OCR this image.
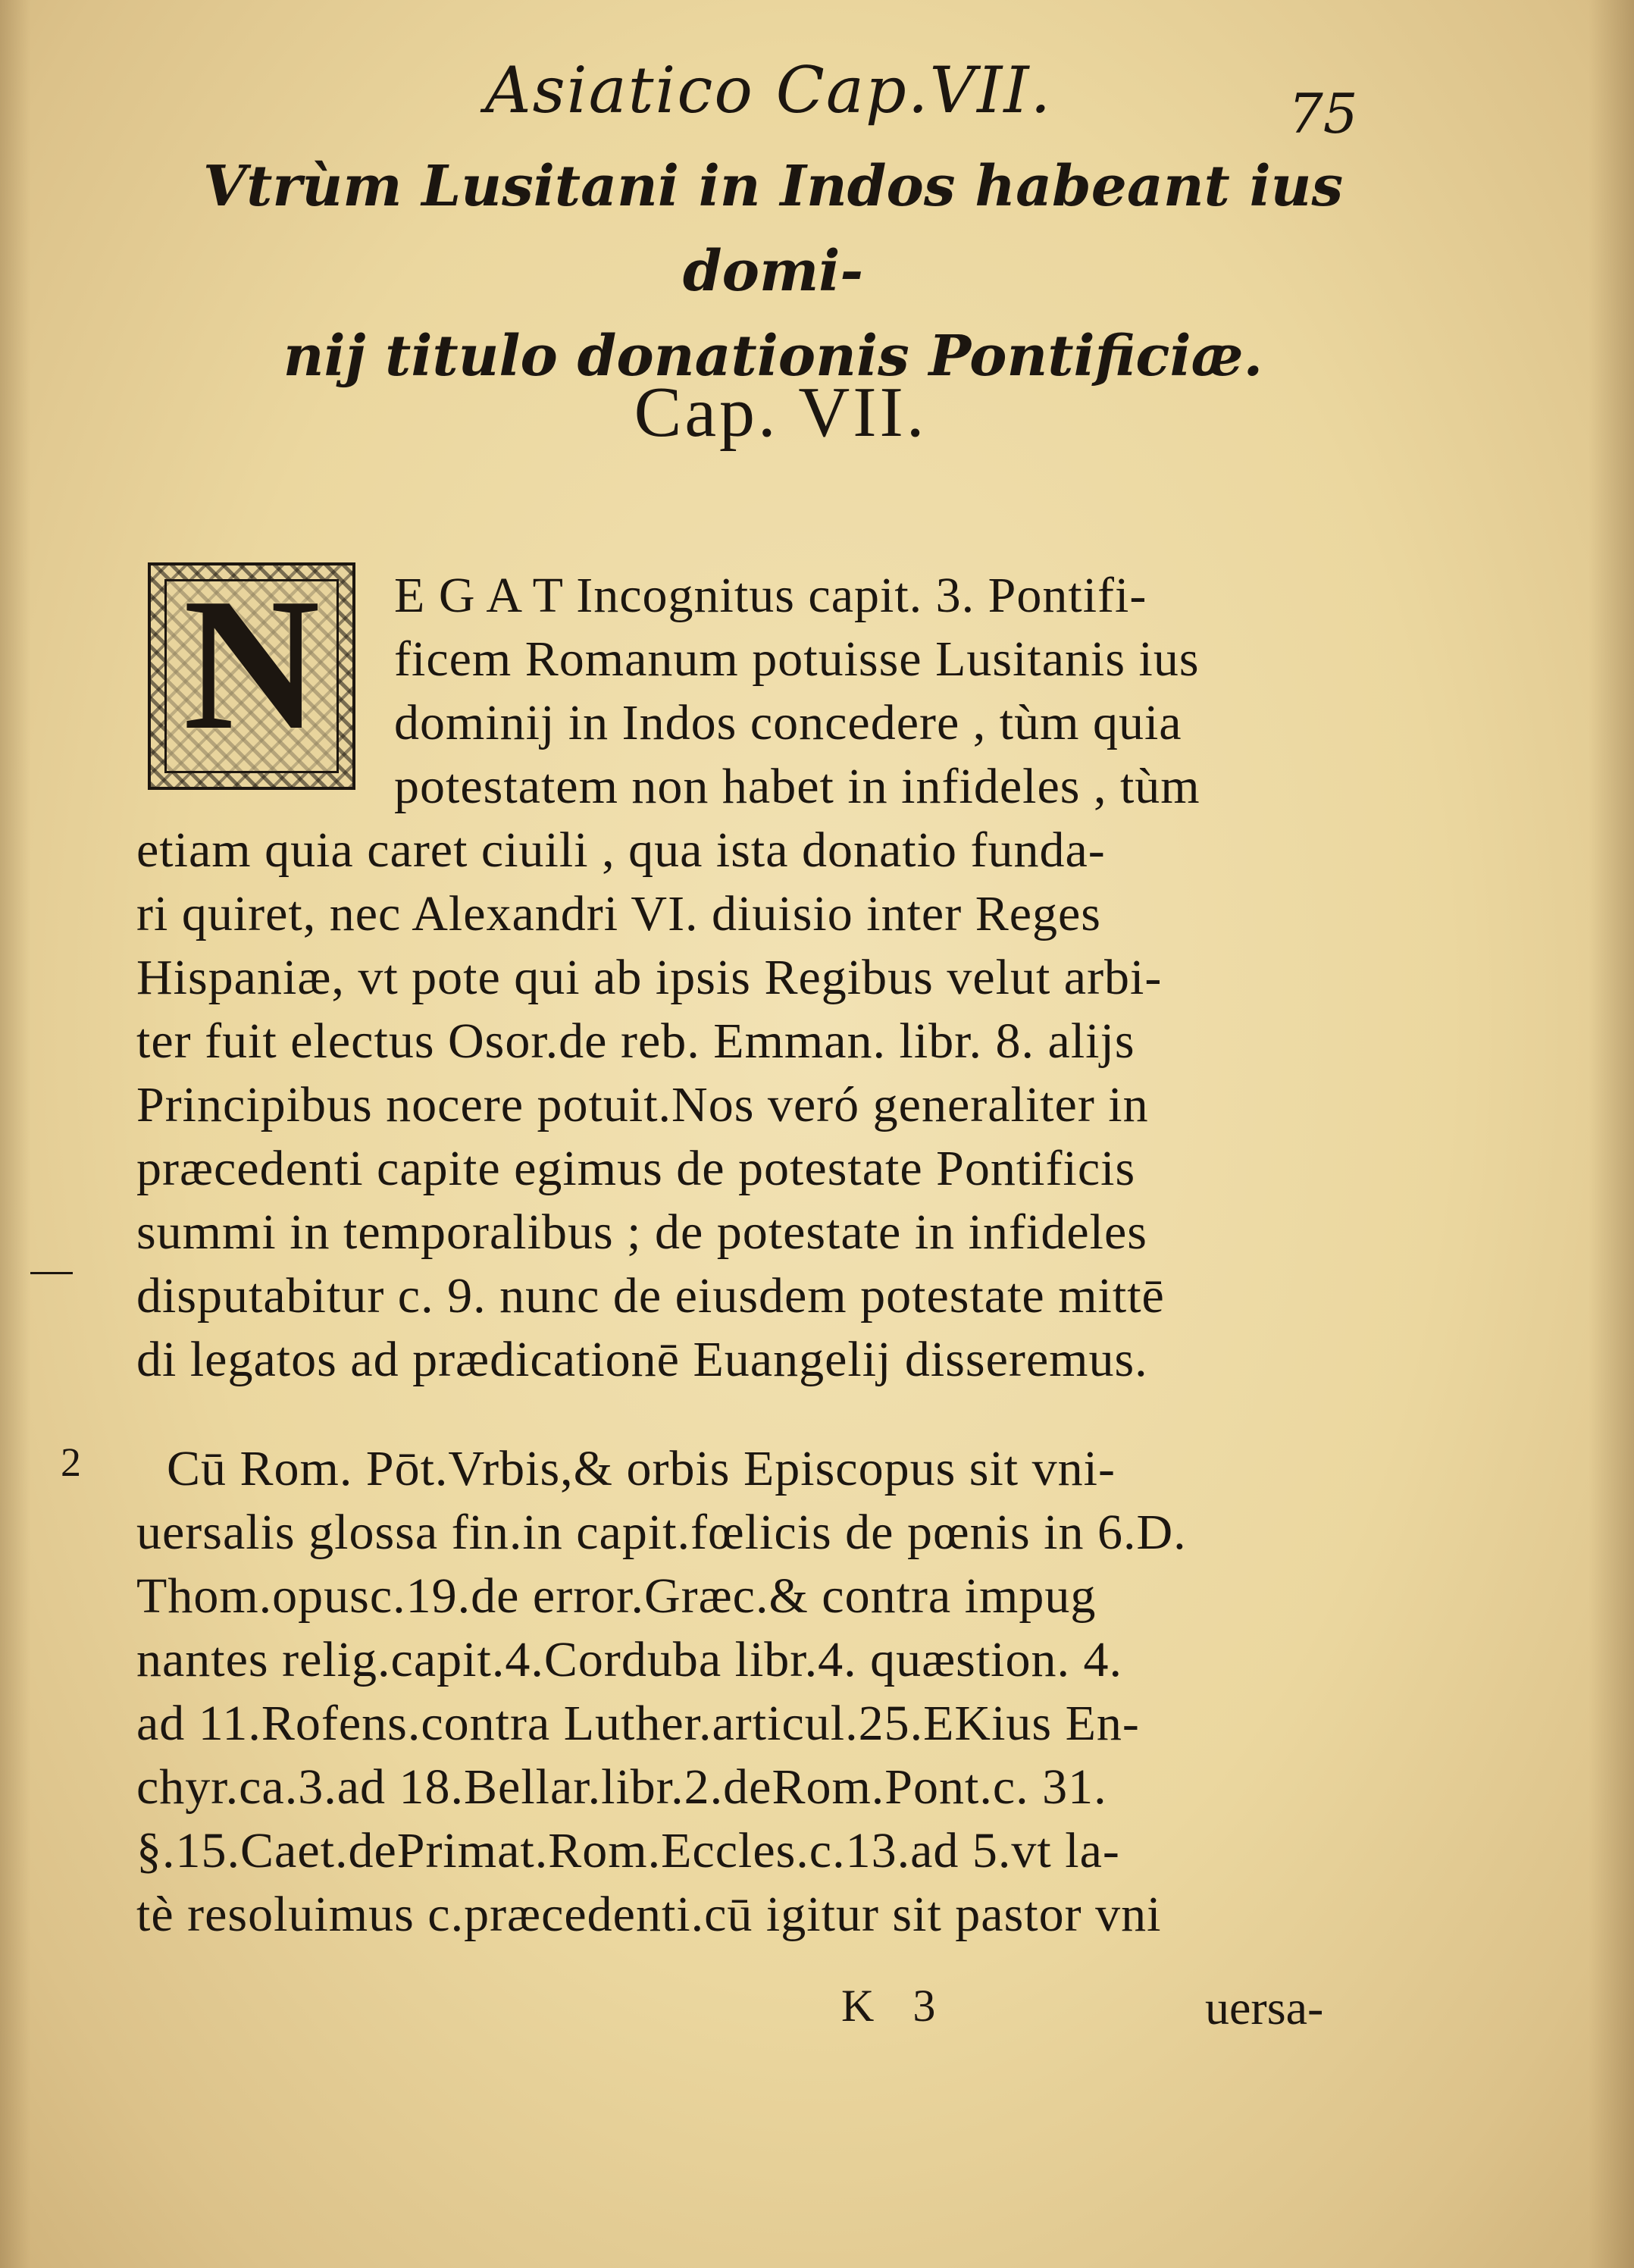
Asiatico Cap.VII.	75
Vtrùm Lusitani in Indos habeant ius domi-
nij titulo donationis Pontificiæ.
Cap. VII.
N	E G A T Incognitus capit. 3. Pontifi-
ficem Romanum potuisse Lusitanis ius
dominij in Indos concedere , tùm quia
potestatem non habet in infideles , tùm
etiam quia caret ciuili , qua ista donatio funda-
ri quiret, nec Alexandri VI. diuisio inter Reges
Hispaniæ, vt pote qui ab ipsis Regibus velut arbi-
ter fuit electus Osor.de reb. Emman. libr. 8. alijs
Principibus nocere potuit.Nos veró generaliter in
præcedenti capite egimus de potestate Pontificis
summi in temporalibus ; de potestate in infideles
disputabitur c. 9. nunc de eiusdem potestate mittē
di legatos ad prædicationē Euangelij disseremus.
Cū Rom. Pōt.Vrbis,& orbis Episcopus sit vni-
uersalis glossa fin.in capit.fœlicis de pœnis in 6.D.
Thom.opusc.19.de error.Græc.& contra impug
nantes relig.capit.4.Corduba libr.4. quæstion. 4.
ad 11.Rofens.contra Luther.articul.25.EKius En-
chyr.ca.3.ad 18.Bellar.libr.2.deRom.Pont.c. 31.
§.15.Caet.dePrimat.Rom.Eccles.c.13.ad 5.vt la-
tè resoluimus c.præcedenti.cū igitur sit pastor vni
2
K 3	uersa-
